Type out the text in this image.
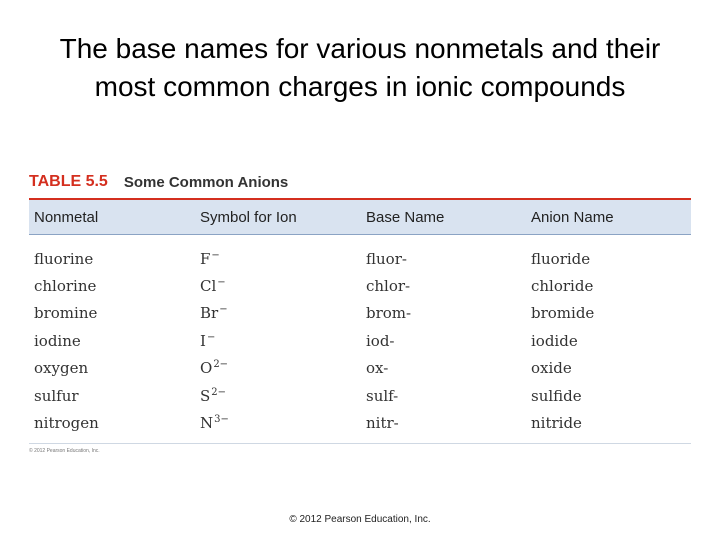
The base names for various nonmetals and their
most common charges in ionic compounds
TABLE 5.5 Some Common Anions
Nonmetal	Symbol for Ion	Base Name	Anion Name
fluorine	F−	fluor-	fluoride
chlorine	Cl−	chlor-	chloride
bromine	Br−	brom-	bromide
iodine	I−	iod-	iodide
oxygen	$O^{2-}$	ox-	oxide
sulfur	$S^{2-}$	sulf-	sulfide
nitrogen	$N^{3-}$	nitr-	nitride
© 2012 Pearson Education, Inc.
© 2012 Pearson Education, Inc.
